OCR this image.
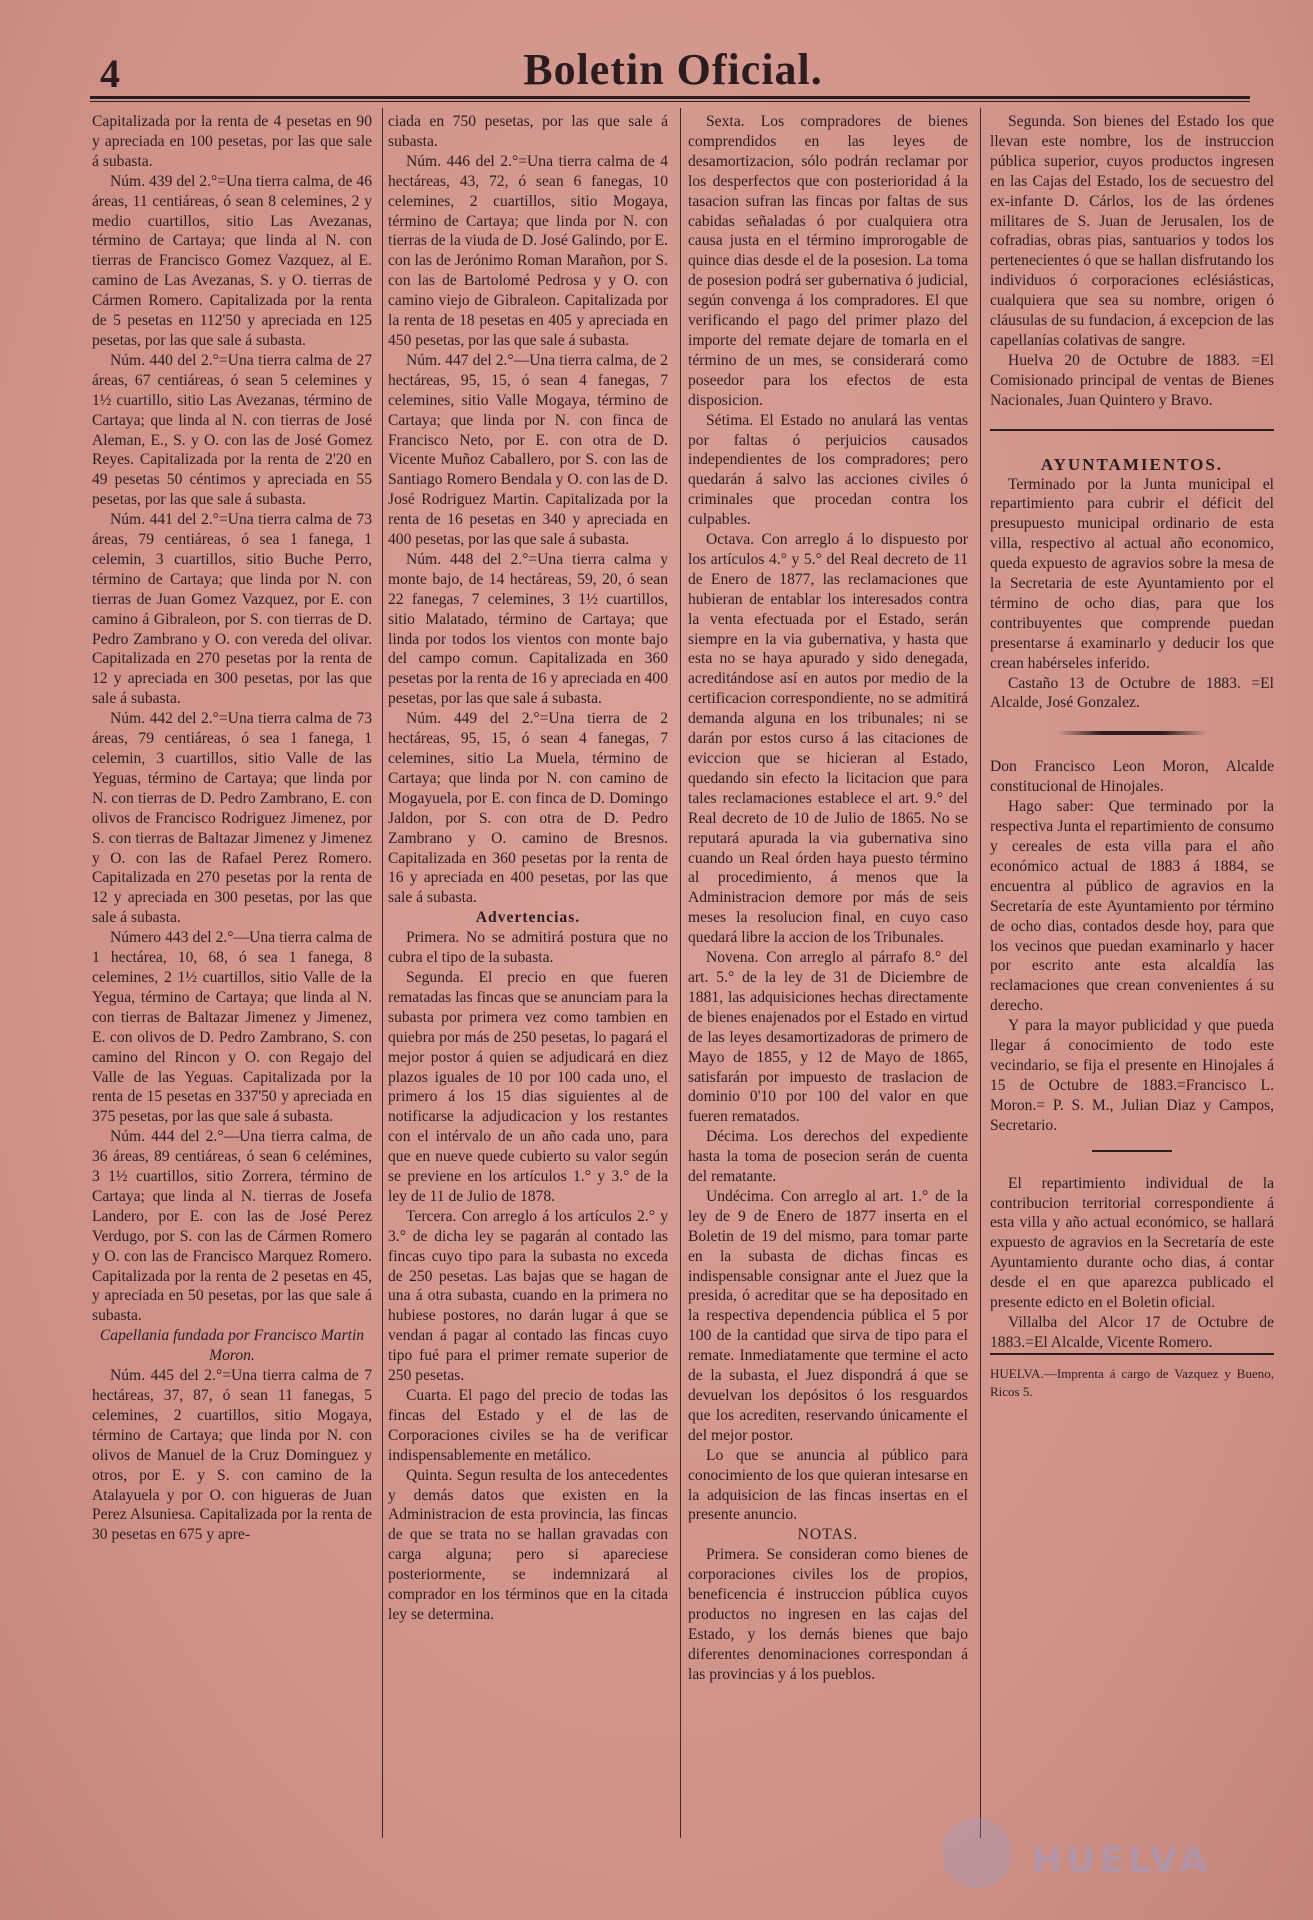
4	Boletin Oficial.

Capitalizada por la renta de 4 pesetas en 90 y apreciada en 100 pesetas, por las que sale á subasta.

Núm. 439 del 2.°=Una tierra calma, de 46 áreas, 11 centiáreas, ó sean 8 celemines, 2 y medio cuartillos, sitio Las Avezanas, término de Cartaya; que linda al N. con tierras de Francisco Gomez Vazquez, al E. camino de Las Avezanas, S. y O. tierras de Cármen Romero. Capitalizada por la renta de 5 pesetas en 112'50 y apreciada en 125 pesetas, por las que sale á subasta.

Núm. 440 del 2.°=Una tierra calma de 27 áreas, 67 centiáreas, ó sean 5 celemines y 1½ cuartillo, sitio Las Avezanas, término de Cartaya; que linda al N. con tierras de José Aleman, E., S. y O. con las de José Gomez Reyes. Capitalizada por la renta de 2'20 en 49 pesetas 50 céntimos y apreciada en 55 pesetas, por las que sale á subasta.

Núm. 441 del 2.°=Una tierra calma de 73 áreas, 79 centiáreas, ó sea 1 fanega, 1 celemin, 3 cuartillos, sitio Buche Perro, término de Cartaya; que linda por N. con tierras de Juan Gomez Vazquez, por E. con camino á Gibraleon, por S. con tierras de D. Pedro Zambrano y O. con vereda del olivar. Capitalizada en 270 pesetas por la renta de 12 y apreciada en 300 pesetas, por las que sale á subasta.

Núm. 442 del 2.°=Una tierra calma de 73 áreas, 79 centiáreas, ó sea 1 fanega, 1 celemin, 3 cuartillos, sitio Valle de las Yeguas, término de Cartaya; que linda por N. con tierras de D. Pedro Zambrano, E. con olivos de Francisco Rodriguez Jimenez, por S. con tierras de Baltazar Jimenez y Jimenez y O. con las de Rafael Perez Romero. Capitalizada en 270 pesetas por la renta de 12 y apreciada en 300 pesetas, por las que sale á subasta.

Número 443 del 2.°—Una tierra calma de 1 hectárea, 10, 68, ó sea 1 fanega, 8 celemines, 2 1½ cuartillos, sitio Valle de la Yegua, término de Cartaya; que linda al N. con tierras de Baltazar Jimenez y Jimenez, E. con olivos de D. Pedro Zambrano, S. con camino del Rincon y O. con Regajo del Valle de las Yeguas. Capitalizada por la renta de 15 pesetas en 337'50 y apreciada en 375 pesetas, por las que sale á subasta.

Núm. 444 del 2.°—Una tierra calma, de 36 áreas, 89 centiáreas, ó sean 6 celémines, 3 1½ cuartillos, sitio Zorrera, término de Cartaya; que linda al N. tierras de Josefa Landero, por E. con las de José Perez Verdugo, por S. con las de Cármen Romero y O. con las de Francisco Marquez Romero. Capitalizada por la renta de 2 pesetas en 45, y apreciada en 50 pesetas, por las que sale á subasta.

Capellania fundada por Francisco Martin Moron.

Núm. 445 del 2.°=Una tierra calma de 7 hectáreas, 37, 87, ó sean 11 fanegas, 5 celemines, 2 cuartillos, sitio Mogaya, término de Cartaya; que linda por N. con olivos de Manuel de la Cruz Dominguez y otros, por E. y S. con camino de la Atalayuela y por O. con higueras de Juan Perez Alsuniesa. Capitalizada por la renta de 30 pesetas en 675 y apre-

ciada en 750 pesetas, por las que sale á subasta.

Núm. 446 del 2.°=Una tierra calma de 4 hectáreas, 43, 72, ó sean 6 fanegas, 10 celemines, 2 cuartillos, sitio Mogaya, término de Cartaya; que linda por N. con tierras de la viuda de D. José Galindo, por E. con las de Jerónimo Roman Marañon, por S. con las de Bartolomé Pedrosa y y O. con camino viejo de Gibraleon. Capitalizada por la renta de 18 pesetas en 405 y apreciada en 450 pesetas, por las que sale á subasta.

Núm. 447 del 2.°—Una tierra calma, de 2 hectáreas, 95, 15, ó sean 4 fanegas, 7 celemines, sitio Valle Mogaya, término de Cartaya; que linda por N. con finca de Francisco Neto, por E. con otra de D. Vicente Muñoz Caballero, por S. con las de Santiago Romero Bendala y O. con las de D. José Rodriguez Martin. Capitalizada por la renta de 16 pesetas en 340 y apreciada en 400 pesetas, por las que sale á subasta.

Núm. 448 del 2.°=Una tierra calma y monte bajo, de 14 hectáreas, 59, 20, ó sean 22 fanegas, 7 celemines, 3 1½ cuartillos, sitio Malatado, término de Cartaya; que linda por todos los vientos con monte bajo del campo comun. Capitalizada en 360 pesetas por la renta de 16 y apreciada en 400 pesetas, por las que sale á subasta.

Núm. 449 del 2.°=Una tierra de 2 hectáreas, 95, 15, ó sean 4 fanegas, 7 celemines, sitio La Muela, término de Cartaya; que linda por N. con camino de Mogayuela, por E. con finca de D. Domingo Jaldon, por S. con otra de D. Pedro Zambrano y O. camino de Bresnos. Capitalizada en 360 pesetas por la renta de 16 y apreciada en 400 pesetas, por las que sale á subasta.

Advertencias.

Primera. No se admitirá postura que no cubra el tipo de la subasta.

Segunda. El precio en que fueren rematadas las fincas que se anunciam para la subasta por primera vez como tambien en quiebra por más de 250 pesetas, lo pagará el mejor postor á quien se adjudicará en diez plazos iguales de 10 por 100 cada uno, el primero á los 15 dias siguientes al de notificarse la adjudicacion y los restantes con el intérvalo de un año cada uno, para que en nueve quede cubierto su valor según se previene en los artículos 1.° y 3.° de la ley de 11 de Julio de 1878.

Tercera. Con arreglo á los artículos 2.° y 3.° de dicha ley se pagarán al contado las fincas cuyo tipo para la subasta no exceda de 250 pesetas. Las bajas que se hagan de una á otra subasta, cuando en la primera no hubiese postores, no darán lugar á que se vendan á pagar al contado las fincas cuyo tipo fué para el primer remate superior de 250 pesetas.

Cuarta. El pago del precio de todas las fincas del Estado y el de las de Corporaciones civiles se ha de verificar indispensablemente en metálico.

Quinta. Segun resulta de los antecedentes y demás datos que existen en la Administracion de esta provincia, las fincas de que se trata no se hallan gravadas con carga alguna; pero si apareciese posteriormente, se indemnizará al comprador en los términos que en la citada ley se determina.

Sexta. Los compradores de bienes comprendidos en las leyes de desamortizacion, sólo podrán reclamar por los desperfectos que con posterioridad á la tasacion sufran las fincas por faltas de sus cabidas señaladas ó por cualquiera otra causa justa en el término improrogable de quince dias desde el de la posesion. La toma de posesion podrá ser gubernativa ó judicial, según convenga á los compradores. El que verificando el pago del primer plazo del importe del remate dejare de tomarla en el término de un mes, se considerará como poseedor para los efectos de esta disposicion.

Sétima. El Estado no anulará las ventas por faltas ó perjuicios causados independientes de los compradores; pero quedarán á salvo las acciones civiles ó criminales que procedan contra los culpables.

Octava. Con arreglo á lo dispuesto por los artículos 4.° y 5.° del Real decreto de 11 de Enero de 1877, las reclamaciones que hubieran de entablar los interesados contra la venta efectuada por el Estado, serán siempre en la via gubernativa, y hasta que esta no se haya apurado y sido denegada, acreditándose así en autos por medio de la certificacion correspondiente, no se admitirá demanda alguna en los tribunales; ni se darán por estos curso á las citaciones de eviccion que se hicieran al Estado, quedando sin efecto la licitacion que para tales reclamaciones establece el art. 9.° del Real decreto de 10 de Julio de 1865. No se reputará apurada la via gubernativa sino cuando un Real órden haya puesto término al procedimiento, á menos que la Administracion demore por más de seis meses la resolucion final, en cuyo caso quedará libre la accion de los Tribunales.

Novena. Con arreglo al párrafo 8.° del art. 5.° de la ley de 31 de Diciembre de 1881, las adquisiciones hechas directamente de bienes enajenados por el Estado en virtud de las leyes desamortizadoras de primero de Mayo de 1855, y 12 de Mayo de 1865, satisfarán por impuesto de traslacion de dominio 0'10 por 100 del valor en que fueren rematados.

Décima. Los derechos del expediente hasta la toma de posecion serán de cuenta del rematante.

Undécima. Con arreglo al art. 1.° de la ley de 9 de Enero de 1877 inserta en el Boletin de 19 del mismo, para tomar parte en la subasta de dichas fincas es indispensable consignar ante el Juez que la presida, ó acreditar que se ha depositado en la respectiva dependencia pública el 5 por 100 de la cantidad que sirva de tipo para el remate. Inmediatamente que termine el acto de la subasta, el Juez dispondrá á que se devuelvan los depósitos ó los resguardos que los acrediten, reservando únicamente el del mejor postor.

Lo que se anuncia al público para conocimiento de los que quieran intesarse en la adquisicion de las fincas insertas en el presente anuncio.

NOTAS.

Primera. Se consideran como bienes de corporaciones civiles los de propios, beneficencia é instruccion pública cuyos productos no ingresen en las cajas del Estado, y los demás bienes que bajo diferentes denominaciones correspondan á las provincias y á los pueblos.

Segunda. Son bienes del Estado los que llevan este nombre, los de instruccion pública superior, cuyos productos ingresen en las Cajas del Estado, los de secuestro del ex-infante D. Cárlos, los de las órdenes militares de S. Juan de Jerusalen, los de cofradias, obras pias, santuarios y todos los pertenecientes ó que se hallan disfrutando los individuos ó corporaciones eclésiásticas, cualquiera que sea su nombre, origen ó cláusulas de su fundacion, á excepcion de las capellanías colativas de sangre.

Huelva 20 de Octubre de 1883. =El Comisionado principal de ventas de Bienes Nacionales, Juan Quintero y Bravo.

AYUNTAMIENTOS.

Terminado por la Junta municipal el repartimiento para cubrir el déficit del presupuesto municipal ordinario de esta villa, respectivo al actual año economico, queda expuesto de agravios sobre la mesa de la Secretaria de este Ayuntamiento por el término de ocho dias, para que los contribuyentes que comprende puedan presentarse á examinarlo y deducir los que crean habérseles inferido.

Castaño 13 de Octubre de 1883. =El Alcalde, José Gonzalez.

Don Francisco Leon Moron, Alcalde constitucional de Hinojales.

Hago saber: Que terminado por la respectiva Junta el repartimiento de consumo y cereales de esta villa para el año económico actual de 1883 á 1884, se encuentra al público de agravios en la Secretaría de este Ayuntamiento por término de ocho dias, contados desde hoy, para que los vecinos que puedan examinarlo y hacer por escrito ante esta alcaldía las reclamaciones que crean convenientes á su derecho.

Y para la mayor publicidad y que pueda llegar á conocimiento de todo este vecindario, se fija el presente en Hinojales á 15 de Octubre de 1883.=Francisco L. Moron.= P. S. M., Julian Diaz y Campos, Secretario.

El repartimiento individual de la contribucion territorial correspondiente á esta villa y año actual económico, se hallará expuesto de agravios en la Secretaría de este Ayuntamiento durante ocho dias, á contar desde el en que aparezca publicado el presente edicto en el Boletin oficial.

Villalba del Alcor 17 de Octubre de 1883.=El Alcalde, Vicente Romero.

HUELVA.—Imprenta á cargo de Vazquez y Bueno, Ricos 5.

HUELVA
